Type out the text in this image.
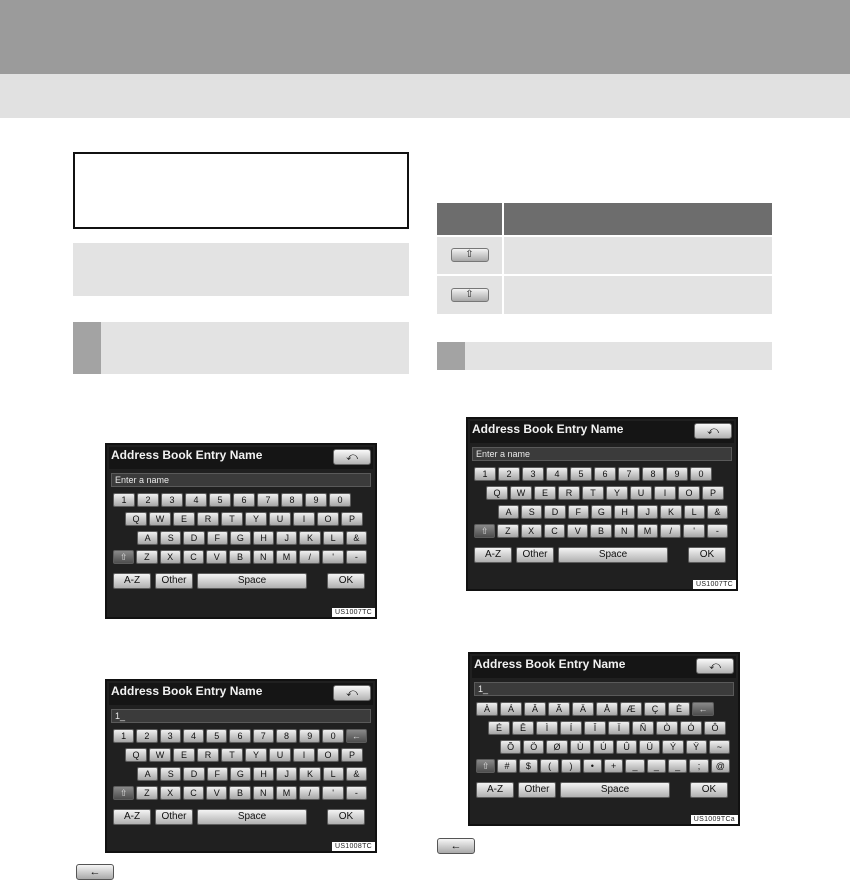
⇧	
⇧	
Address Book Entry Name	⤺
Enter a name
1	2	3	4	5	6	7	8	9	0
Q	W	E	R	T	Y	U	I	O	P
A	S	D	F	G	H	J	K	L	&
⇧	Z	X	C	V	B	N	M	/	'	-
A-Z	Other	Space	OK
US1007TC
Address Book Entry Name	⤺
1_
1	2	3	4	5	6	7	8	9	0	←
Q	W	E	R	T	Y	U	I	O	P
A	S	D	F	G	H	J	K	L	&
⇧	Z	X	C	V	B	N	M	/	'	-
A-Z	Other	Space	OK
US1008TC
Address Book Entry Name	⤺
Enter a name
1	2	3	4	5	6	7	8	9	0
Q	W	E	R	T	Y	U	I	O	P
A	S	D	F	G	H	J	K	L	&
⇧	Z	X	C	V	B	N	M	/	'	-
A-Z	Other	Space	OK
US1007TC
Address Book Entry Name	⤺
1_
À	Á	Â	Ã	Ä	Å	Æ	Ç	È	←
É	Ê	Ì	Í	Î	Ï	Ñ	Ò	Ó	Ô
Õ	Ö	Ø	Ù	Ú	Û	Ü	Ý	Ÿ	~
⇧	#	$	(	)	•	+	_	_	_	;	@
A-Z	Other	Space	OK
US1009TCa
←
←
